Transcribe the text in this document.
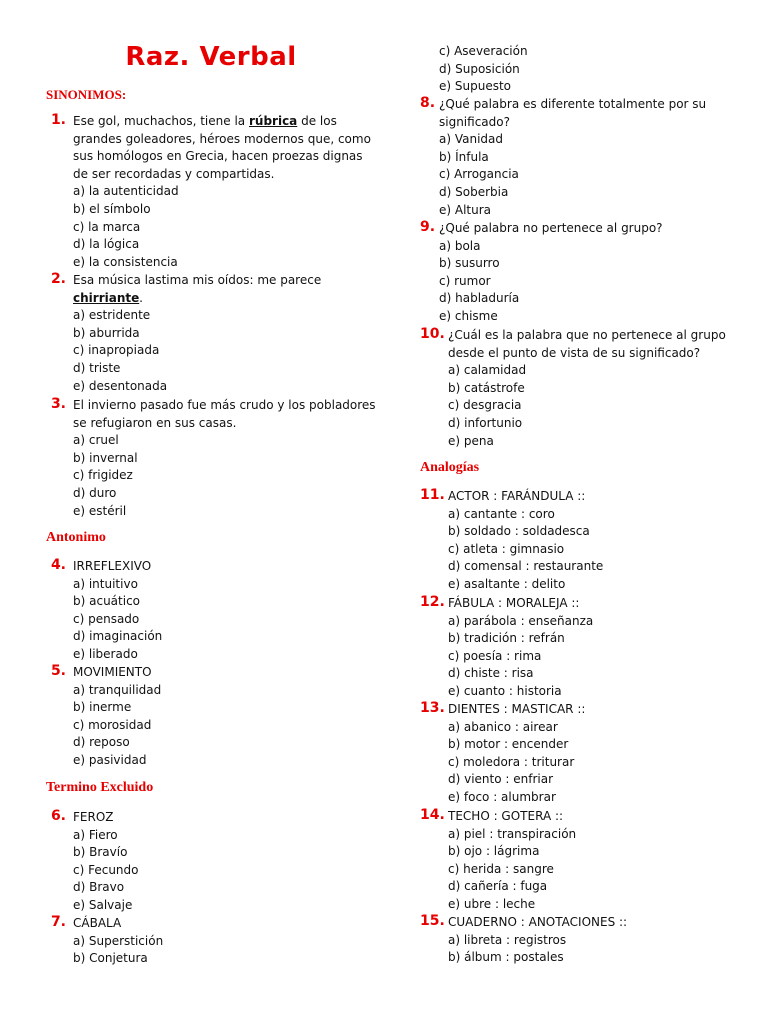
Raz. Verbal
SINONIMOS:
1. Ese gol, muchachos, tiene la rúbrica de los grandes goleadores, héroes modernos que, como sus homólogos en Grecia, hacen proezas dignas de ser recordadas y compartidas.
a) la autenticidad
b) el símbolo
c) la marca
d) la lógica
e) la consistencia
2. Esa música lastima mis oídos: me parece chirriante .
a) estridente
b) aburrida
c) inapropiada
d) triste
e) desentonada
3. El invierno pasado fue más crudo y los pobladores se refugiaron en sus casas.
a) cruel
b) invernal
c) frigidez
d) duro
e) estéril
Antonimo
4. IRREFLEXIVO
a) intuitivo
b) acuático
c) pensado
d) imaginación
e) liberado
5. MOVIMIENTO
a) tranquilidad
b) inerme
c) morosidad
d) reposo
e) pasividad
Termino Excluido
6. FEROZ
a) Fiero
b) Bravío
c) Fecundo
d) Bravo
e) Salvaje
7. CÁBALA
a) Superstición
b) Conjetura
c) Aseveración
d) Suposición
e) Supuesto
8. ¿Qué palabra es diferente totalmente por su significado?
a) Vanidad
b) Ínfula
c) Arrogancia
d) Soberbia
e) Altura
9. ¿Qué palabra no pertenece al grupo?
a) bola
b) susurro
c) rumor
d) habladuría
e) chisme
10. ¿Cuál es la palabra que no pertenece al grupo desde el punto de vista de su significado?
a) calamidad
b) catástrofe
c) desgracia
d) infortunio
e) pena
Analogías
11. ACTOR : FARÁNDULA ::
a) cantante : coro
b) soldado : soldadesca
c) atleta : gimnasio
d) comensal : restaurante
e) asaltante : delito
12. FÁBULA : MORALEJA ::
a) parábola : enseñanza
b) tradición : refrán
c) poesía : rima
d) chiste : risa
e) cuanto : historia
13. DIENTES : MASTICAR ::
a) abanico : airear
b) motor : encender
c) moledora : triturar
d) viento : enfriar
e) foco : alumbrar
14. TECHO : GOTERA ::
a) piel : transpiración
b) ojo : lágrima
c) herida : sangre
d) cañería : fuga
e) ubre : leche
15. CUADERNO : ANOTACIONES ::
a) libreta : registros
b) álbum : postales
